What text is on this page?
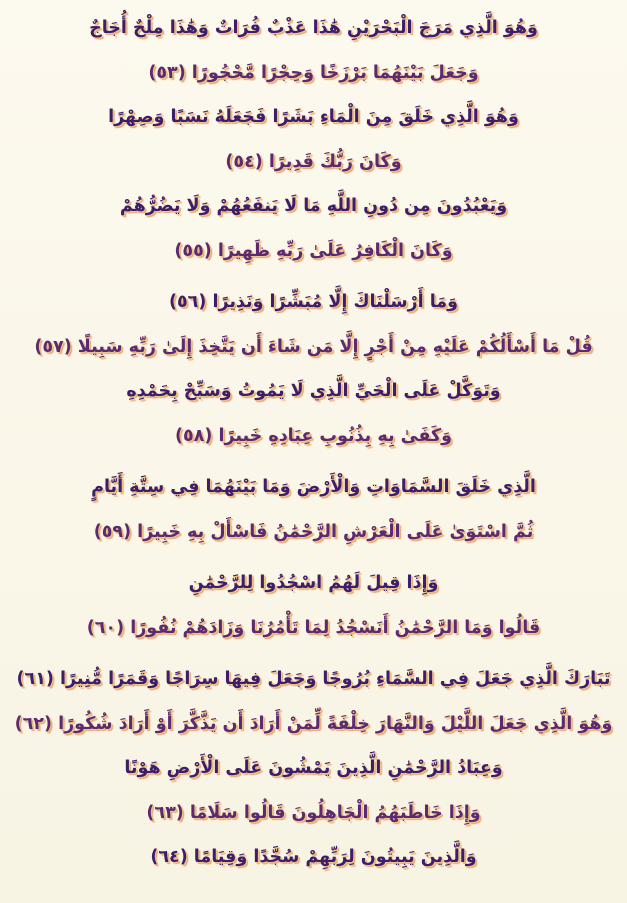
وَهُوَ الَّذِي مَرَجَ الْبَحْرَيْنِ هَٰذَا عَذْبٌ فُرَاتٌ وَهَٰذَا مِلْحٌ أُجَاجٌ
وَجَعَلَ بَيْنَهُمَا بَرْزَخًا وَحِجْرًا مَّحْجُورًا (٥٣)
وَهُوَ الَّذِي خَلَقَ مِنَ الْمَاءِ بَشَرًا فَجَعَلَهُ نَسَبًا وَصِهْرًا
وَكَانَ رَبُّكَ قَدِيرًا (٥٤)
وَيَعْبُدُونَ مِن دُونِ اللَّهِ مَا لَا يَنفَعُهُمْ وَلَا يَضُرُّهُمْ
وَكَانَ الْكَافِرُ عَلَىٰ رَبِّهِ ظَهِيرًا (٥٥)
وَمَا أَرْسَلْنَاكَ إِلَّا مُبَشِّرًا وَنَذِيرًا (٥٦)
قُلْ مَا أَسْأَلُكُمْ عَلَيْهِ مِنْ أَجْرٍ إِلَّا مَن شَاءَ أَن يَتَّخِذَ إِلَىٰ رَبِّهِ سَبِيلًا (٥٧)
وَتَوَكَّلْ عَلَى الْحَيِّ الَّذِي لَا يَمُوتُ وَسَبِّحْ بِحَمْدِهِ
وَكَفَىٰ بِهِ بِذُنُوبِ عِبَادِهِ خَبِيرًا (٥٨)
الَّذِي خَلَقَ السَّمَاوَاتِ وَالْأَرْضَ وَمَا بَيْنَهُمَا فِي سِتَّةِ أَيَّامٍ
ثُمَّ اسْتَوَىٰ عَلَى الْعَرْشِ الرَّحْمَٰنُ فَاسْأَلْ بِهِ خَبِيرًا (٥٩)
وَإِذَا قِيلَ لَهُمُ اسْجُدُوا لِلرَّحْمَٰنِ
قَالُوا وَمَا الرَّحْمَٰنُ أَنَسْجُدُ لِمَا تَأْمُرُنَا وَزَادَهُمْ نُفُورًا (٦٠)
تَبَارَكَ الَّذِي جَعَلَ فِي السَّمَاءِ بُرُوجًا وَجَعَلَ فِيهَا سِرَاجًا وَقَمَرًا مُّنِيرًا (٦١)
وَهُوَ الَّذِي جَعَلَ اللَّيْلَ وَالنَّهَارَ خِلْفَةً لِّمَنْ أَرَادَ أَن يَذَّكَّرَ أَوْ أَرَادَ شُكُورًا (٦٢)
وَعِبَادُ الرَّحْمَٰنِ الَّذِينَ يَمْشُونَ عَلَى الْأَرْضِ هَوْنًا
وَإِذَا خَاطَبَهُمُ الْجَاهِلُونَ قَالُوا سَلَامًا (٦٣)
وَالَّذِينَ يَبِيتُونَ لِرَبِّهِمْ سُجَّدًا وَقِيَامًا (٦٤)
